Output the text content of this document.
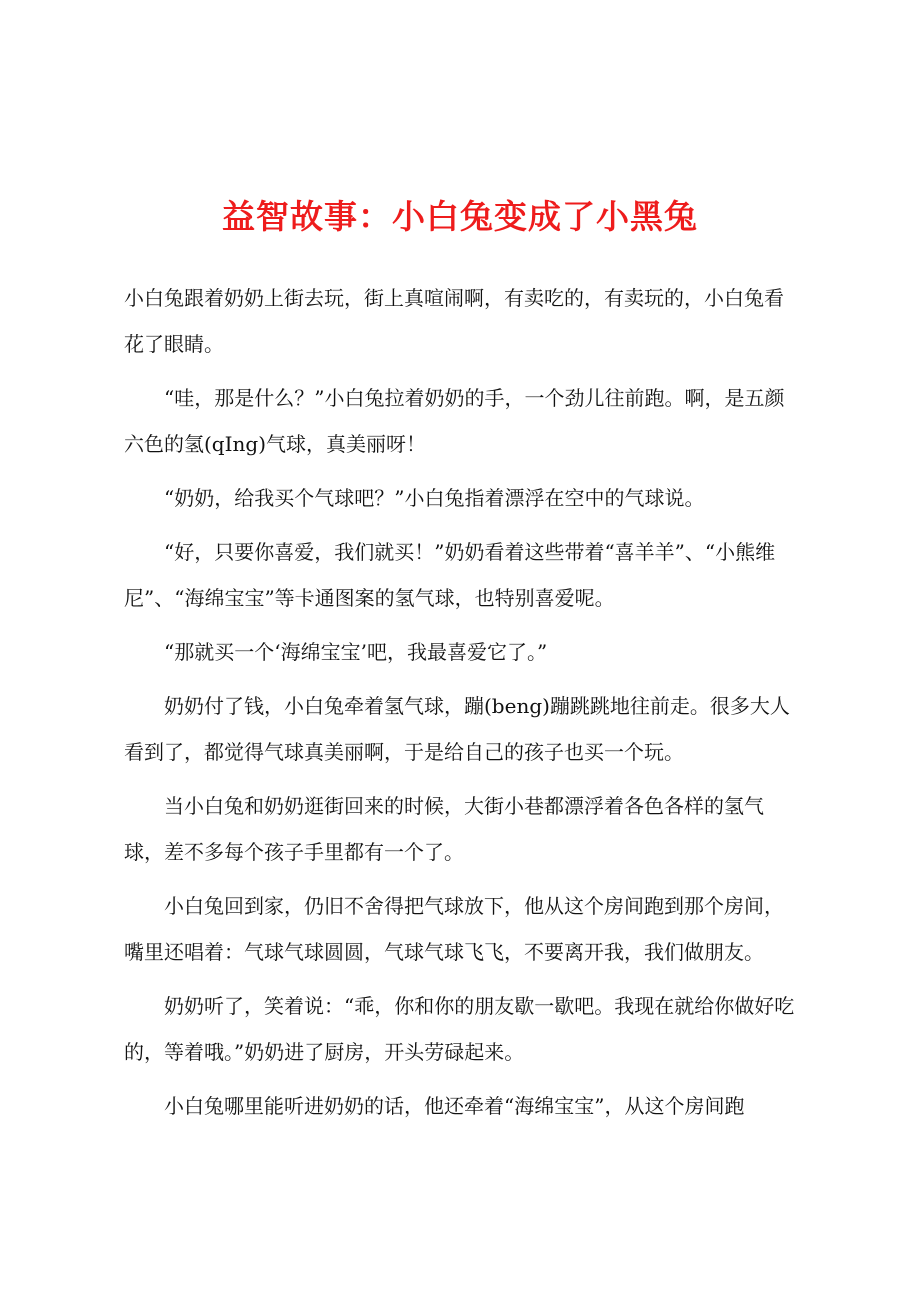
益智故事：小白兔变成了小黑兔

小白兔跟着奶奶上街去玩，街上真喧闹啊，有卖吃的，有卖玩的，小白兔看花了眼睛。

“哇，那是什么？”小白兔拉着奶奶的手，一个劲儿往前跑。啊，是五颜六色的氢(qIng)气球，真美丽呀！

“奶奶，给我买个气球吧？”小白兔指着漂浮在空中的气球说。

“好，只要你喜爱，我们就买！”奶奶看着这些带着“喜羊羊”、“小熊维尼”、“海绵宝宝”等卡通图案的氢气球，也特别喜爱呢。

“那就买一个‘海绵宝宝’吧，我最喜爱它了。”

奶奶付了钱，小白兔牵着氢气球，蹦(beng)蹦跳跳地往前走。很多大人看到了，都觉得气球真美丽啊，于是给自己的孩子也买一个玩。

当小白兔和奶奶逛街回来的时候，大街小巷都漂浮着各色各样的氢气球，差不多每个孩子手里都有一个了。

小白兔回到家，仍旧不舍得把气球放下，他从这个房间跑到那个房间，嘴里还唱着：气球气球圆圆，气球气球飞飞，不要离开我，我们做朋友。

奶奶听了，笑着说：“乖，你和你的朋友歇一歇吧。我现在就给你做好吃的，等着哦。”奶奶进了厨房，开头劳碌起来。

小白兔哪里能听进奶奶的话，他还牵着“海绵宝宝”，从这个房间跑
